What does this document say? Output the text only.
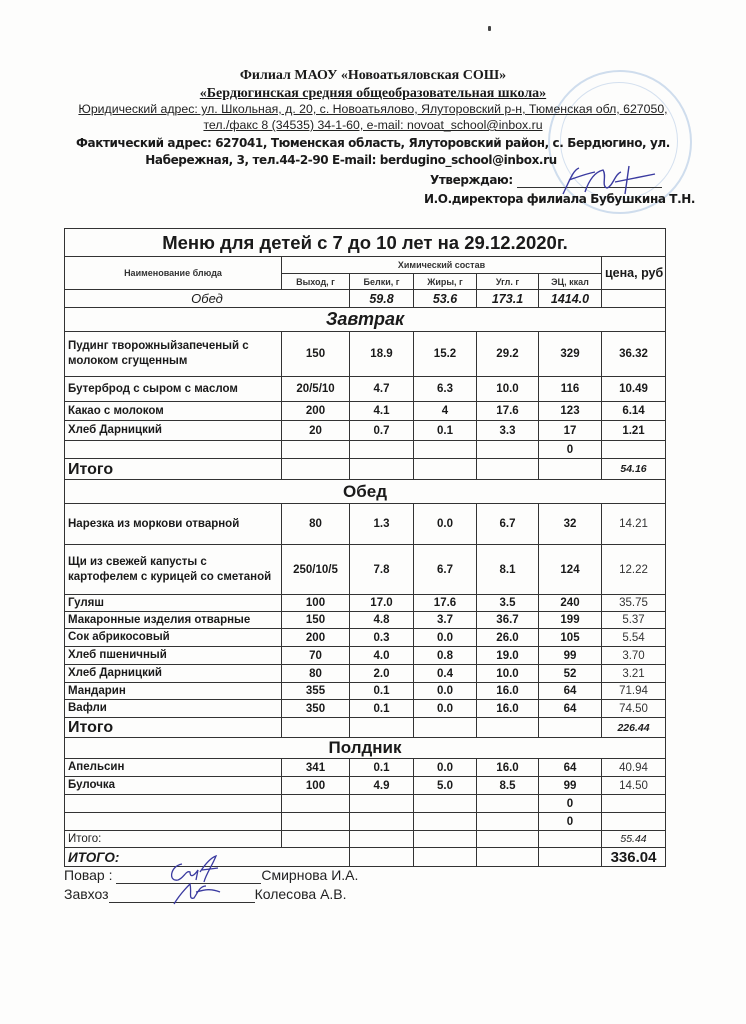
Филиал МАОУ «Новоатьяловская СОШ»
«Бердюгинская средняя общеобразовательная школа»
Юридический адрес: ул. Школьная, д. 20, с. Новоатьялово, Ялуторовский р-н, Тюменская обл, 627050,
тел./факс 8 (34535) 34-1-60, e-mail: novoat_school@inbox.ru
Фактический адрес: 627041, Тюменская область, Ялуторовский район, с. Бердюгино, ул.
Набережная, 3, тел.44-2-90 E-mail: berdugino_school@inbox.ru
Утверждаю:
И.О.директора филиала Бубушкина Т.Н.
Меню для детей с 7 до 10 лет на 29.12.2020г.						
Наименование блюда	Химический состав					цена, руб
	Выход, г	Белки, г	Жиры, г	Угл. г	ЭЦ, ккал	
Обед		59.8	53.6	173.1	1414.0	
Завтрак						
Пудинг творожныйзапеченый с молоком сгущенным	150	18.9	15.2	29.2	329	36.32
Бутерброд с сыром с маслом	20/5/10	4.7	6.3	10.0	116	10.49
Какао с молоком	200	4.1	4	17.6	123	6.14
Хлеб Дарницкий	20	0.7	0.1	3.3	17	1.21
					0	
Итого						54.16
Обед						
Нарезка из моркови отварной	80	1.3	0.0	6.7	32	14.21
Щи из свежей капусты с картофелем с курицей со сметаной	250/10/5	7.8	6.7	8.1	124	12.22
Гуляш	100	17.0	17.6	3.5	240	35.75
Макаронные изделия отварные	150	4.8	3.7	36.7	199	5.37
Сок абрикосовый	200	0.3	0.0	26.0	105	5.54
Хлеб пшеничный	70	4.0	0.8	19.0	99	3.70
Хлеб Дарницкий	80	2.0	0.4	10.0	52	3.21
Мандарин	355	0.1	0.0	16.0	64	71.94
Вафли	350	0.1	0.0	16.0	64	74.50
Итого						226.44
Полдник						
Апельсин	341	0.1	0.0	16.0	64	40.94
Булочка	100	4.9	5.0	8.5	99	14.50
					0	
					0	
Итого:						55.44
ИТОГО:						336.04
Повар :	Смирнова И.А.
Завхоз	Колесова А.В.
